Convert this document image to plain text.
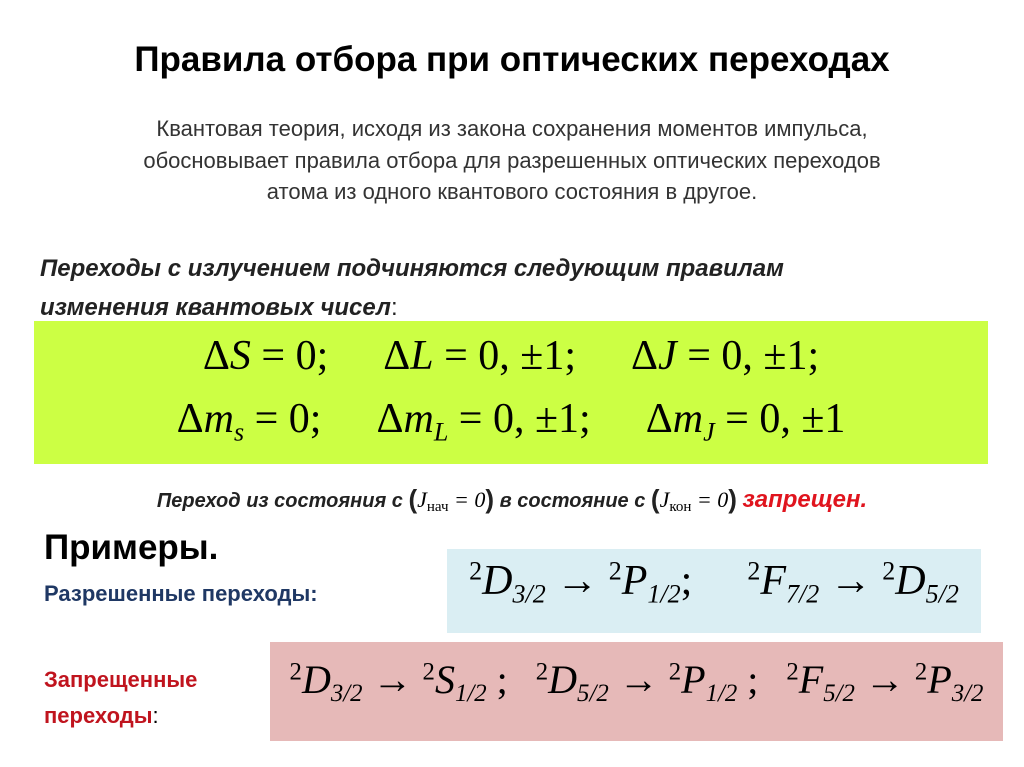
Правила отбора при оптических переходах
Квантовая теория, исходя из закона сохранения моментов импульса,
обосновывает правила отбора для разрешенных оптических переходов
атома из одного квантового состояния в другое.
Переходы с излучением подчиняются следующим правилам
изменения квантовых чисел:
ΔS = 0; ΔL = 0, ±1; ΔJ = 0, ±1;
$\Delta m_s = 0$; $\Delta m_L = 0$, ±1; $\Delta m_J = 0$, ±1
Переход из состояния с $(J_{нач} = 0)$ в состояние с $(J_{кон} = 0)$ запрещен.
Примеры.
Разрешенные переходы:
$^2D_{3/2} \to ^2P_{1/2}$; $^2F_{7/2} \to ^2D_{5/2}$
Запрещенные
переходы:
$^2D_{3/2} \to ^2S_{1/2}$ ; $^2D_{5/2} \to ^2P_{1/2}$ ; $^2F_{5/2} \to ^2P_{3/2}$
